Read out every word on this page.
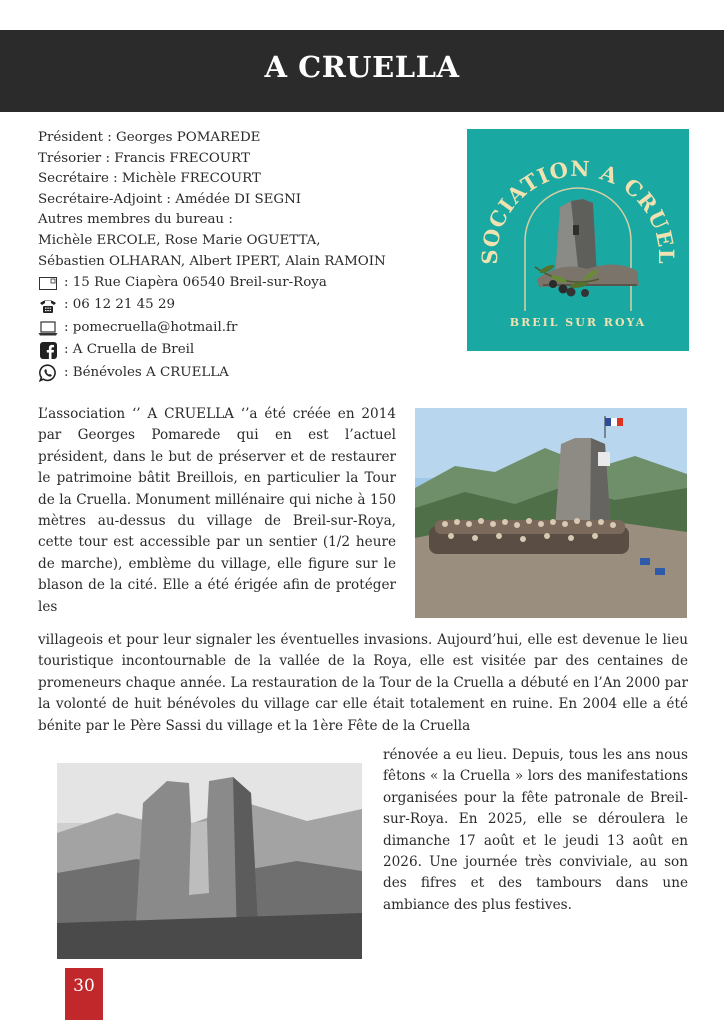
A CRUELLA
Président : Georges POMAREDE
Trésorier : Francis FRECOURT
Secrétaire : Michèle FRECOURT
Secrétaire-Adjoint : Amédée DI SEGNI
Autres membres du bureau :
Michèle ERCOLE, Rose Marie OGUETTA,
Sébastien OLHARAN, Albert IPERT, Alain RAMOIN
: 15 Rue Ciapèra 06540 Breil-sur-Roya
: 06 12 21 45 29
: pomecruella@hotmail.fr
: A Cruella de Breil
: Bénévoles A CRUELLA
SOCIATION A CRUEL
BREIL SUR ROYA

L’association ‘’ A CRUELLA ‘’a été créée en 2014 par Georges Pomarede qui en est l’actuel président, dans le but de préserver et de restaurer le patrimoine bâtit Breillois, en particulier la Tour de la Cruella. Monument millénaire qui niche à 150 mètres au-dessus du village de Breil-sur-Roya, cette tour est accessible par un sentier (1/2 heure de marche), emblème du village, elle figure sur le blason de la cité. Elle a été érigée afin de protéger les

villageois et pour leur signaler les éventuelles invasions. Aujourd’hui, elle est devenue le lieu touristique incontournable de la vallée de la Roya, elle est visitée par des centaines de promeneurs chaque année. La restauration de la Tour de la Cruella a débuté en l’An 2000 par la volonté de huit bénévoles du village car elle était totalement en ruine. En 2004 elle a été bénite par le Père Sassi du village et la 1ère Fête de la Cruella

rénovée a eu lieu. Depuis, tous les ans nous fêtons « la Cruella » lors des manifestations organisées pour la fête patronale de Breil-sur-Roya. En 2025, elle se déroulera le dimanche 17 août et le jeudi 13 août en 2026. Une journée très conviviale, au son des fifres et des tambours dans une ambiance des plus festives.

30
